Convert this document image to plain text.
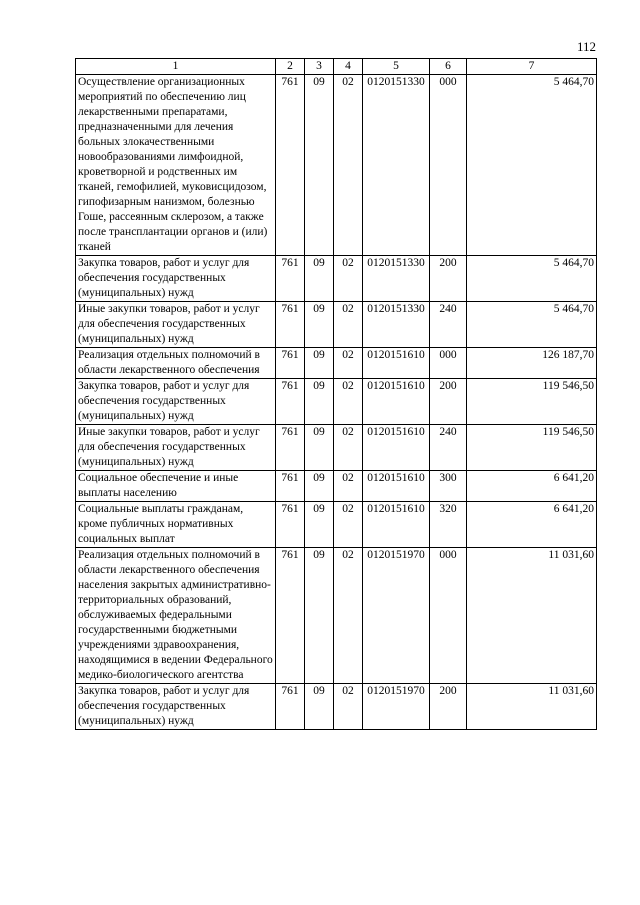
112
1	2	3	4	5	6	7
Осуществление организационных мероприятий по обеспечению лиц лекарственными препаратами, предназначенными для лечения больных злокачественными новообразованиями лимфоидной, кроветворной и родственных им тканей, гемофилией, муковисцидозом, гипофизарным нанизмом, болезнью Гоше, рассеянным склерозом, а также после трансплантации органов и (или) тканей	761	09	02	0120151330	000	5 464,70
Закупка товаров, работ и услуг для обеспечения государственных (муниципальных) нужд	761	09	02	0120151330	200	5 464,70
Иные закупки товаров, работ и услуг для обеспечения государственных (муниципальных) нужд	761	09	02	0120151330	240	5 464,70
Реализация отдельных полномочий в области лекарственного обеспечения	761	09	02	0120151610	000	126 187,70
Закупка товаров, работ и услуг для обеспечения государственных (муниципальных) нужд	761	09	02	0120151610	200	119 546,50
Иные закупки товаров, работ и услуг для обеспечения государственных (муниципальных) нужд	761	09	02	0120151610	240	119 546,50
Социальное обеспечение и иные выплаты населению	761	09	02	0120151610	300	6 641,20
Социальные выплаты гражданам, кроме публичных нормативных социальных выплат	761	09	02	0120151610	320	6 641,20
Реализация отдельных полномочий в области лекарственного обеспечения населения закрытых административно-территориальных образований, обслуживаемых федеральными государственными бюджетными учреждениями здравоохранения, находящимися в ведении Федерального медико-биологического агентства	761	09	02	0120151970	000	11 031,60
Закупка товаров, работ и услуг для обеспечения государственных (муниципальных) нужд	761	09	02	0120151970	200	11 031,60
